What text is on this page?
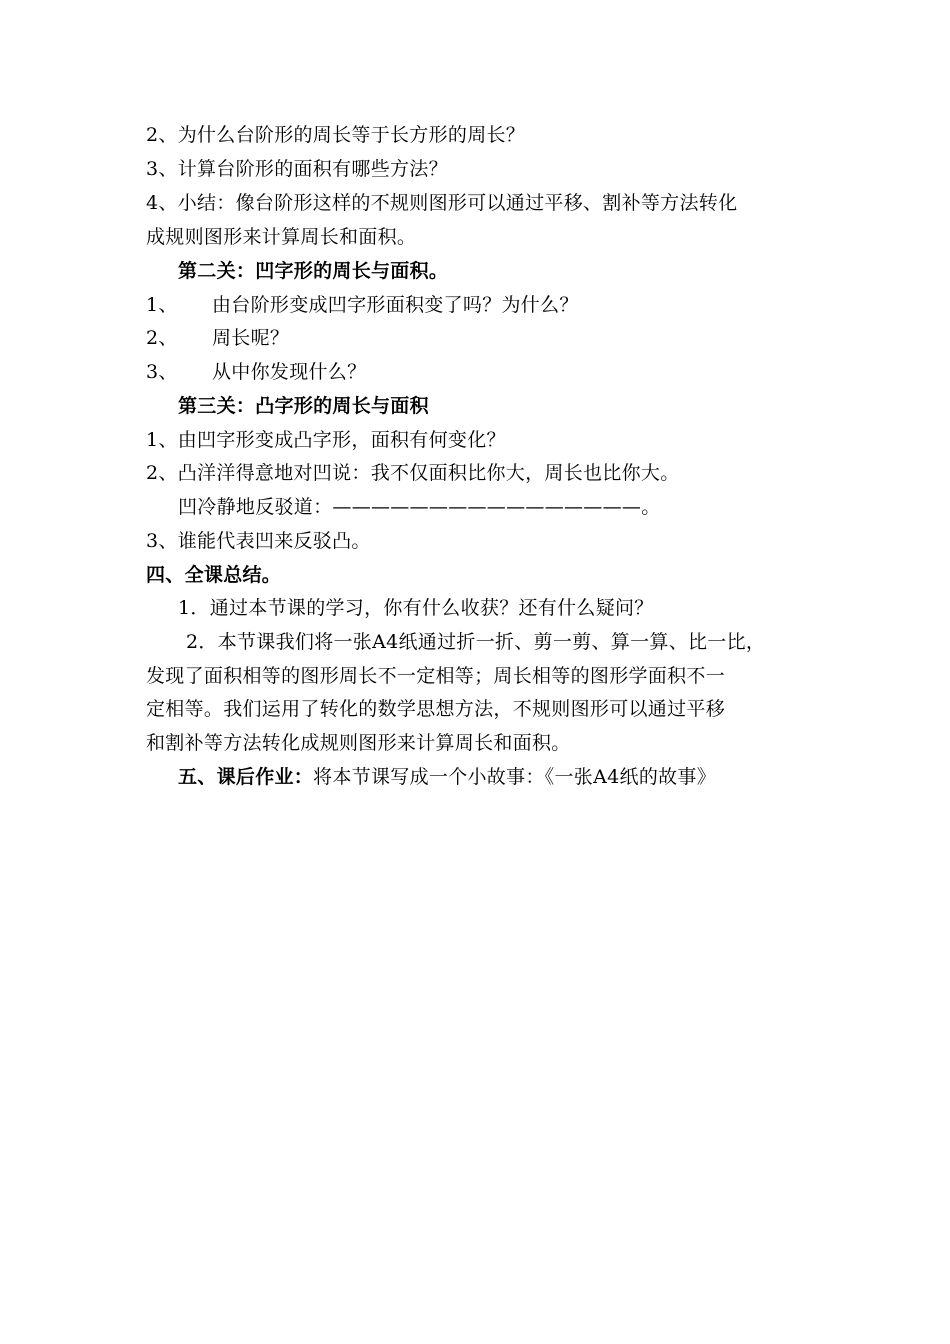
2、为什么台阶形的周长等于长方形的周长？
3、计算台阶形的面积有哪些方法？
4、小结：像台阶形这样的不规则图形可以通过平移、割补等方法转化
成规则图形来计算周长和面积。
第二关：凹字形的周长与面积。
1、 由台阶形变成凹字形面积变了吗？为什么？
2、 周长呢？
3、 从中你发现什么？
第三关：凸字形的周长与面积
1、由凹字形变成凸字形，面积有何变化？
2、凸洋洋得意地对凹说：我不仅面积比你大，周长也比你大。
凹冷静地反驳道：————————————————。
3、谁能代表凹来反驳凸。
四、全课总结。
1．通过本节课的学习，你有什么收获？还有什么疑问？
2．本节课我们将一张A4纸通过折一折、剪一剪、算一算、比一比，
发现了面积相等的图形周长不一定相等；周长相等的图形学面积不一
定相等。我们运用了转化的数学思想方法，不规则图形可以通过平移
和割补等方法转化成规则图形来计算周长和面积。
五、课后作业：将本节课写成一个小故事：《一张A4纸的故事》
